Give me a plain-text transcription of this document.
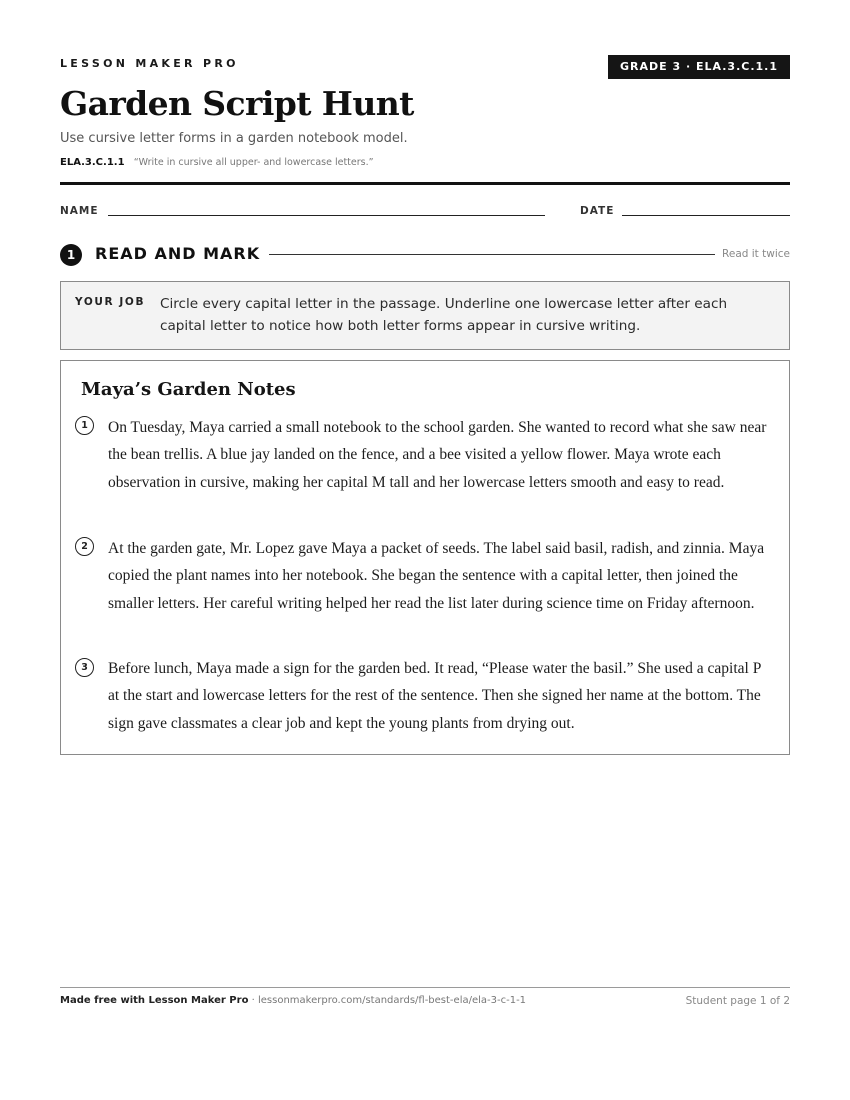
LESSON MAKER PRO	GRADE 3 · ELA.3.C.1.1
Garden Script Hunt
Use cursive letter forms in a garden notebook model.
ELA.3.C.1.1 “Write in cursive all upper- and lowercase letters.”
NAME	DATE
1	READ AND MARK	Read it twice
YOUR JOB Circle every capital letter in the passage. Underline one lowercase letter after each capital letter to notice how both letter forms appear in cursive writing.
Maya’s Garden Notes
1	On Tuesday, Maya carried a small notebook to the school garden. She wanted to record what she saw near the bean trellis. A blue jay landed on the fence, and a bee visited a yellow flower. Maya wrote each observation in cursive, making her capital M tall and her lowercase letters smooth and easy to read.

2	At the garden gate, Mr. Lopez gave Maya a packet of seeds. The label said basil, radish, and zinnia. Maya copied the plant names into her notebook. She began the sentence with a capital letter, then joined the smaller letters. Her careful writing helped her read the list later during science time on Friday afternoon.

3	Before lunch, Maya made a sign for the garden bed. It read, “Please water the basil.” She used a capital P at the start and lowercase letters for the rest of the sentence. Then she signed her name at the bottom. The sign gave classmates a clear job and kept the young plants from drying out.

Made free with Lesson Maker Pro · lessonmakerpro.com/standards/fl-best-ela/ela-3-c-1-1	Student page 1 of 2
